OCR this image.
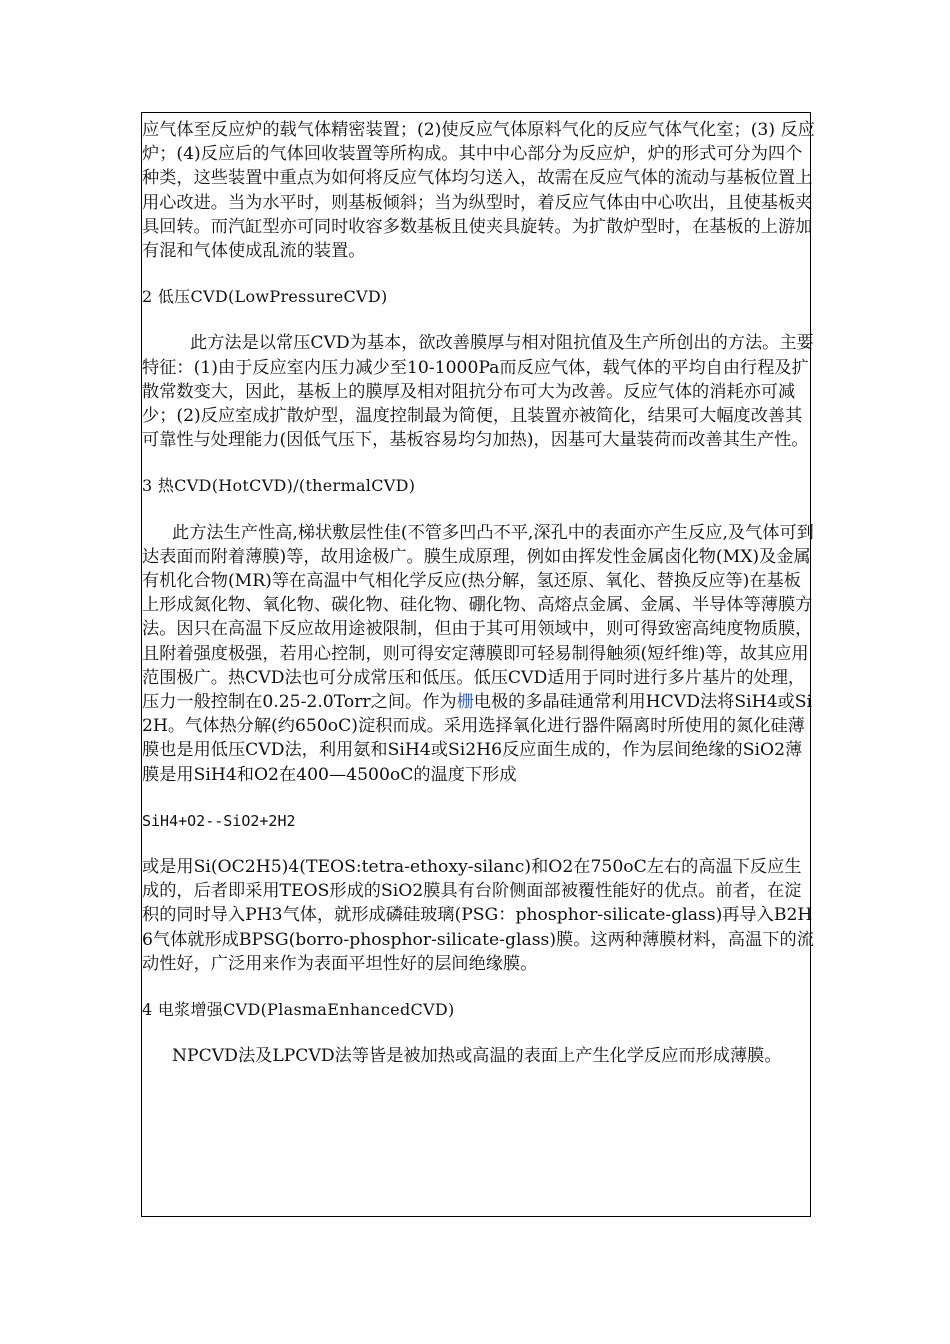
应气体至反应炉的载气体精密装置；(2)使反应气体原料气化的反应气体气化室；(3) 反应炉；(4)反应后的气体回收装置等所构成。其中中心部分为反应炉，炉的形式可分为四个种类，这些装置中重点为如何将反应气体均匀送入，故需在反应气体的流动与基板位置上用心改进。当为水平时，则基板倾斜；当为纵型时，着反应气体由中心吹出，且使基板夹具回转。而汽缸型亦可同时收容多数基板且使夹具旋转。为扩散炉型时，在基板的上游加有混和气体使成乱流的装置。

2 低压CVD(LowPressureCVD)

此方法是以常压CVD为基本，欲改善膜厚与相对阻抗值及生产所创出的方法。主要特征：(1)由于反应室内压力减少至10-1000Pa而反应气体，载气体的平均自由行程及扩散常数变大，因此，基板上的膜厚及相对阻抗分布可大为改善。反应气体的消耗亦可减少；(2)反应室成扩散炉型，温度控制最为简便，且装置亦被简化，结果可大幅度改善其可靠性与处理能力(因低气压下，基板容易均匀加热)，因基可大量装荷而改善其生产性。

3 热CVD(HotCVD)/(thermalCVD)

此方法生产性高,梯状敷层性佳(不管多凹凸不平,深孔中的表面亦产生反应,及气体可到达表面而附着薄膜)等，故用途极广。膜生成原理，例如由挥发性金属卤化物(MX)及金属有机化合物(MR)等在高温中气相化学反应(热分解，氢还原、氧化、替换反应等)在基板上形成氮化物、氧化物、碳化物、硅化物、硼化物、高熔点金属、金属、半导体等薄膜方法。因只在高温下反应故用途被限制，但由于其可用领域中，则可得致密高纯度物质膜，且附着强度极强，若用心控制，则可得安定薄膜即可轻易制得触须(短纤维)等，故其应用范围极广。热CVD法也可分成常压和低压。低压CVD适用于同时进行多片基片的处理，压力一般控制在0.25-2.0Torr之间。作为栅电极的多晶硅通常利用HCVD法将SiH4或Si2H。气体热分解(约650oC)淀积而成。采用选择氧化进行器件隔离时所使用的氮化硅薄膜也是用低压CVD法，利用氨和SiH4或Si2H6反应面生成的，作为层间绝缘的SiO2薄膜是用SiH4和O2在400—4500oC的温度下形成

SiH4+O2--SiO2+2H2

或是用Si(OC2H5)4(TEOS:tetra-ethoxy-silanc)和O2在750oC左右的高温下反应生成的，后者即采用TEOS形成的SiO2膜具有台阶侧面部被覆性能好的优点。前者，在淀积的同时导入PH3气体，就形成磷硅玻璃(PSG：phosphor-silicate-glass)再导入B2H6气体就形成BPSG(borro-phosphor-silicate-glass)膜。这两种薄膜材料，高温下的流动性好，广泛用来作为表面平坦性好的层间绝缘膜。

4 电浆增强CVD(PlasmaEnhancedCVD)

NPCVD法及LPCVD法等皆是被加热或高温的表面上产生化学反应而形成薄膜。
